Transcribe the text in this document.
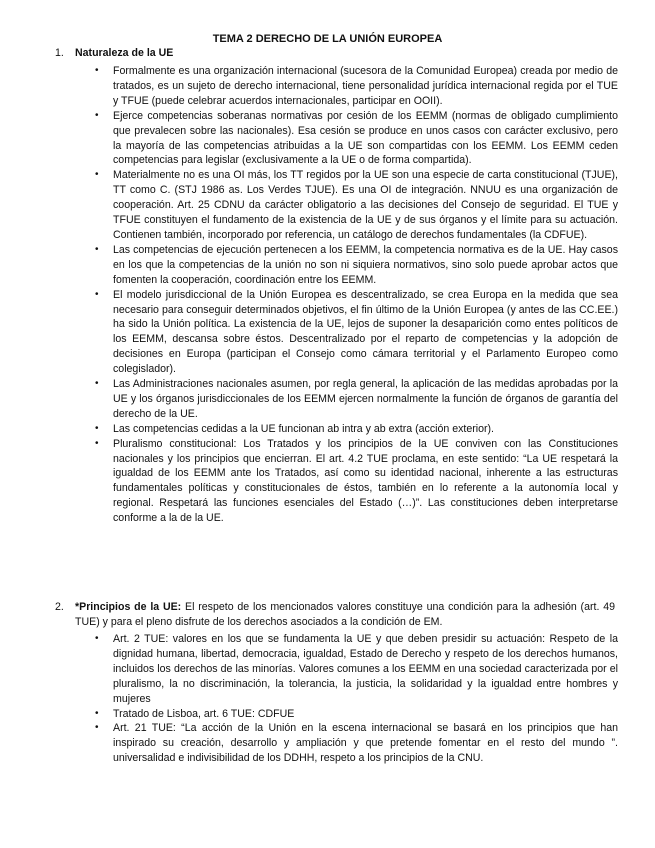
TEMA 2 DERECHO DE LA UNIÓN EUROPEA
1.	Naturaleza de la UE
•	Formalmente es una organización internacional (sucesora de la Comunidad Europea) creada por medio de tratados, es un sujeto de derecho internacional, tiene personalidad jurídica internacional regida por el TUE y TFUE (puede celebrar acuerdos internacionales, participar en OOII).
•	Ejerce competencias soberanas normativas por cesión de los EEMM (normas de obligado cumplimiento que prevalecen sobre las nacionales). Esa cesión se produce en unos casos con carácter exclusivo, pero la mayoría de las competencias atribuidas a la UE son compartidas con los EEMM. Los EEMM ceden competencias para legislar (exclusivamente a la UE o de forma compartida).
•	Materialmente no es una OI más, los TT regidos por la UE son una especie de carta constitucional (TJUE), TT como C. (STJ 1986 as. Los Verdes TJUE). Es una OI de integración. NNUU es una organización de cooperación. Art. 25 CDNU da carácter obligatorio a las decisiones del Consejo de seguridad. El TUE y TFUE constituyen el fundamento de la existencia de la UE y de sus órganos y el límite para su actuación. Contienen también, incorporado por referencia, un catálogo de derechos fundamentales (la CDFUE).
•	Las competencias de ejecución pertenecen a los EEMM, la competencia normativa es de la UE. Hay casos en los que la competencias de la unión no son ni siquiera normativos, sino solo puede aprobar actos que fomenten la cooperación, coordinación entre los EEMM.
•	El modelo jurisdiccional de la Unión Europea es descentralizado, se crea Europa en la medida que sea necesario para conseguir determinados objetivos, el fin último de la Unión Europea (y antes de las CC.EE.) ha sido la Unión política. La existencia de la UE, lejos de suponer la desaparición como entes políticos de los EEMM, descansa sobre éstos. Descentralizado por el reparto de competencias y la adopción de decisiones en Europa (participan el Consejo como cámara territorial y el Parlamento Europeo como colegislador).
•	Las Administraciones nacionales asumen, por regla general, la aplicación de las medidas aprobadas por la UE y los órganos jurisdiccionales de los EEMM ejercen normalmente la función de órganos de garantía del derecho de la UE.
•	Las competencias cedidas a la UE funcionan ab intra y ab extra (acción exterior).
•	Pluralismo constitucional: Los Tratados y los principios de la UE conviven con las Constituciones nacionales y los principios que encierran. El art. 4.2 TUE proclama, en este sentido: “La UE respetará la igualdad de los EEMM ante los Tratados, así como su identidad nacional, inherente a las estructuras fundamentales políticas y constitucionales de éstos, también en lo referente a la autonomía local y regional. Respetará las funciones esenciales del Estado (…)”. Las constituciones deben interpretarse conforme a la de la UE.
2.	*Principios de la UE: El respeto de los mencionados valores constituye una condición para la adhesión (art. 49 TUE) y para el pleno disfrute de los derechos asociados a la condición de EM.
•	Art. 2 TUE: valores en los que se fundamenta la UE y que deben presidir su actuación: Respeto de la dignidad humana, libertad, democracia, igualdad, Estado de Derecho y respeto de los derechos humanos, incluidos los derechos de las minorías. Valores comunes a los EEMM en una sociedad caracterizada por el pluralismo, la no discriminación, la tolerancia, la justicia, la solidaridad y la igualdad entre hombres y mujeres
•	Tratado de Lisboa, art. 6 TUE: CDFUE
•	Art. 21 TUE: “La acción de la Unión en la escena internacional se basará en los principios que han inspirado su creación, desarrollo y ampliación y que pretende fomentar en el resto del mundo ”. universalidad e indivisibilidad de los DDHH, respeto a los principios de la CNU.
